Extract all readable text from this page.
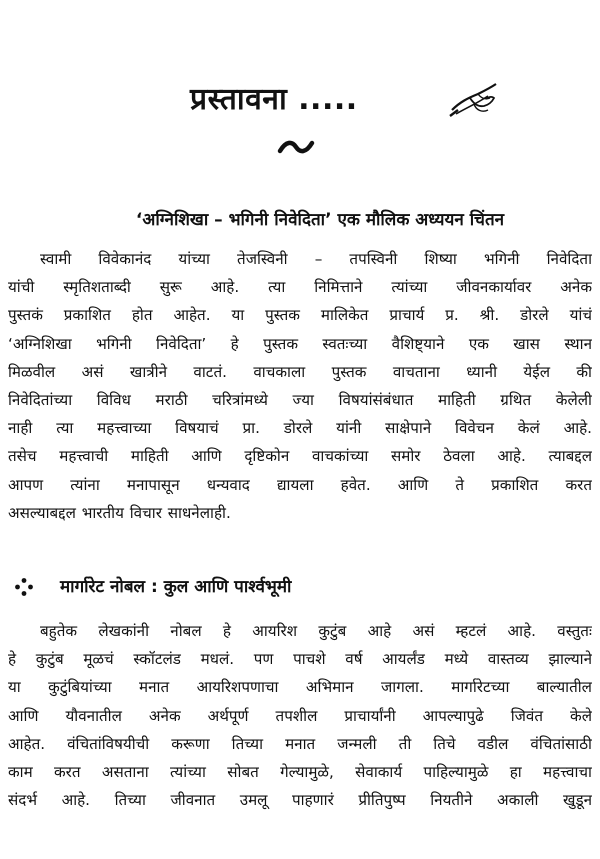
प्रस्तावना .....
‘अग्निशिखा – भगिनी निवेदिता’ एक मौलिक अध्ययन चिंतन
स्वामी विवेकानंद यांच्या तेजस्विनी – तपस्विनी शिष्या भगिनी निवेदिता
यांची स्मृतिशताब्दी सुरू आहे. त्या निमित्ताने त्यांच्या जीवनकार्यावर अनेक
पुस्तकं प्रकाशित होत आहेत. या पुस्तक मालिकेत प्राचार्य प्र. श्री. डोरले यांचं
‘अग्निशिखा भगिनी निवेदिता’ हे पुस्तक स्वतःच्या वैशिष्ट्याने एक खास स्थान
मिळवील असं खात्रीने वाटतं. वाचकाला पुस्तक वाचताना ध्यानी येईल की
निवेदितांच्या विविध मराठी चरित्रांमध्ये ज्या विषयांसंबंधात माहिती ग्रथित केलेली
नाही त्या महत्त्वाच्या विषयाचं प्रा. डोरले यांनी साक्षेपाने विवेचन केलं आहे.
तसेच महत्त्वाची माहिती आणि दृष्टिकोन वाचकांच्या समोर ठेवला आहे. त्याबद्दल
आपण त्यांना मनापासून धन्यवाद द्यायला हवेत. आणि ते प्रकाशित करत
असल्याबद्दल भारतीय विचार साधनेलाही.
मार्गारेट नोबल : कुल आणि पार्श्वभूमी
बहुतेक लेखकांनी नोबल हे आयरिश कुटुंब आहे असं म्हटलं आहे. वस्तुतः
हे कुटुंब मूळचं स्कॉटलंड मधलं. पण पाचशे वर्ष आयर्लंड मध्ये वास्तव्य झाल्याने
या कुटुंबियांच्या मनात आयरिशपणाचा अभिमान जागला. मार्गारेटच्या बाल्यातील
आणि यौवनातील अनेक अर्थपूर्ण तपशील प्राचार्यांनी आपल्यापुढे जिवंत केले
आहेत. वंचितांविषयीची करूणा तिच्या मनात जन्मली ती तिचे वडील वंचितांसाठी
काम करत असताना त्यांच्या सोबत गेल्यामुळे, सेवाकार्य पाहिल्यामुळे हा महत्त्वाचा
संदर्भ आहे. तिच्या जीवनात उमलू पाहणारं प्रीतिपुष्प नियतीने अकाली खुडून
